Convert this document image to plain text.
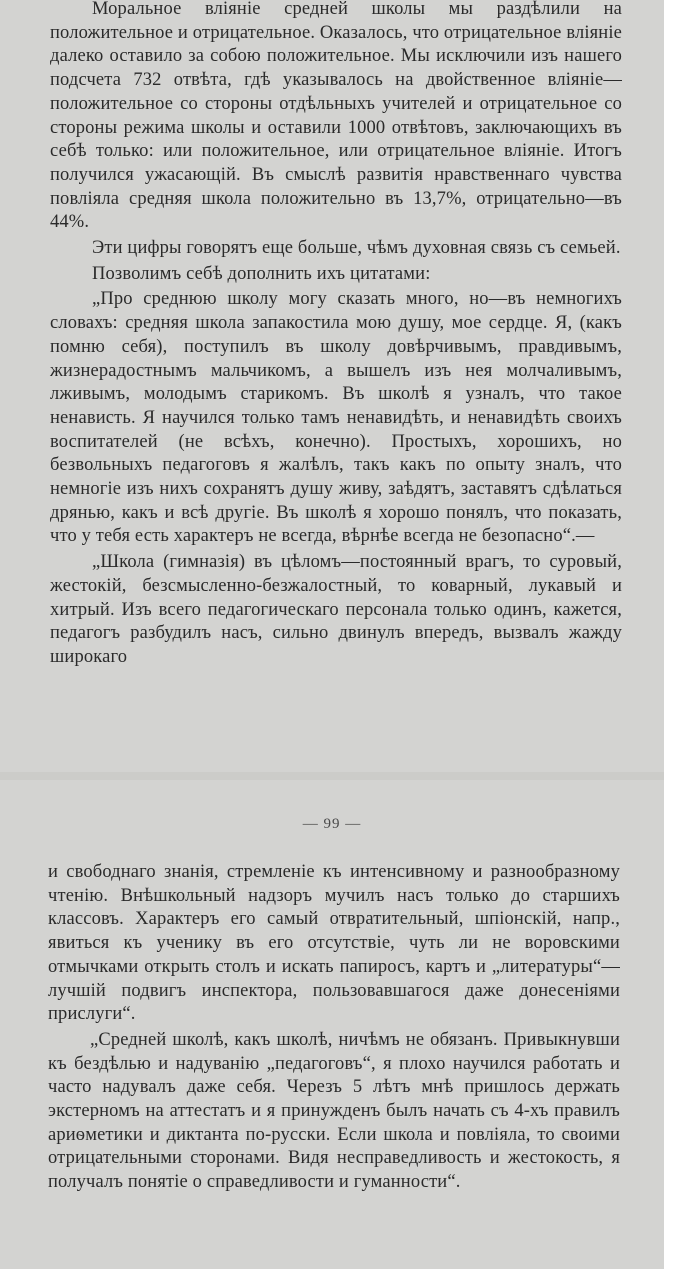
Моральное вліяніе средней школы мы раздѣлили на положительное и отрицательное. Оказалось, что отрицательное вліяніе далеко оставило за собою положительное. Мы исключили изъ нашего подсчета 732 отвѣта, гдѣ указывалось на двойственное вліяніе—положительное со стороны отдѣльныхъ учителей и отрицательное со стороны режима школы и оставили 1000 отвѣтовъ, заключающихъ въ себѣ только: или положительное, или отрицательное вліяніе. Итогъ получился ужасающій. Въ смыслѣ развитія нравственнаго чувства повліяла средняя школа положительно въ 13,7%, отрицательно—въ 44%.

Эти цифры говорятъ еще больше, чѣмъ духовная связь съ семьей.

Позволимъ себѣ дополнить ихъ цитатами:

„Про среднюю школу могу сказать много, но—въ немногихъ словахъ: средняя школа запакостила мою душу, мое сердце. Я, (какъ помню себя), поступилъ въ школу довѣрчивымъ, правдивымъ, жизнерадостнымъ мальчикомъ, а вышелъ изъ нея молчаливымъ, лживымъ, молодымъ старикомъ. Въ школѣ я узналъ, что такое ненависть. Я научился только тамъ ненавидѣть, и ненавидѣть своихъ воспитателей (не всѣхъ, конечно). Простыхъ, хорошихъ, но безвольныхъ педагоговъ я жалѣлъ, такъ какъ по опыту зналъ, что немногіе изъ нихъ сохранятъ душу живу, заѣдятъ, заставятъ сдѣлаться дрянью, какъ и всѣ другіе. Въ школѣ я хорошо понялъ, что показать, что у тебя есть характеръ не всегда, вѣрнѣе всегда не безопасно“.—

„Школа (гимназія) въ цѣломъ—постоянный врагъ, то суровый, жестокій, безсмысленно-безжалостный, то коварный, лукавый и хитрый. Изъ всего педагогическаго персонала только одинъ, кажется, педагогъ разбудилъ насъ, сильно двинулъ впередъ, вызвалъ жажду широкаго

— 99 —

и свободнаго знанія, стремленіе къ интенсивному и разнообразному чтенію. Внѣшкольный надзоръ мучилъ насъ только до старшихъ классовъ. Характеръ его самый отвратительный, шпіонскій, напр., явиться къ ученику въ его отсутствіе, чуть ли не воровскими отмычками открыть столъ и искать папиросъ, картъ и „литературы“—лучшій подвигъ инспектора, пользовавшагося даже донесеніями прислуги“.

„Средней школѣ, какъ школѣ, ничѣмъ не обязанъ. Привыкнувши къ бездѣлью и надуванію „педагоговъ“, я плохо научился работать и часто надувалъ даже себя. Черезъ 5 лѣтъ мнѣ пришлось держать экстерномъ на аттестатъ и я принужденъ былъ начать съ 4-хъ правилъ ариѳметики и диктанта по-русски. Если школа и повліяла, то своими отрицательными сторонами. Видя несправедливость и жестокость, я получалъ понятіе о справедливости и гуманности“.
